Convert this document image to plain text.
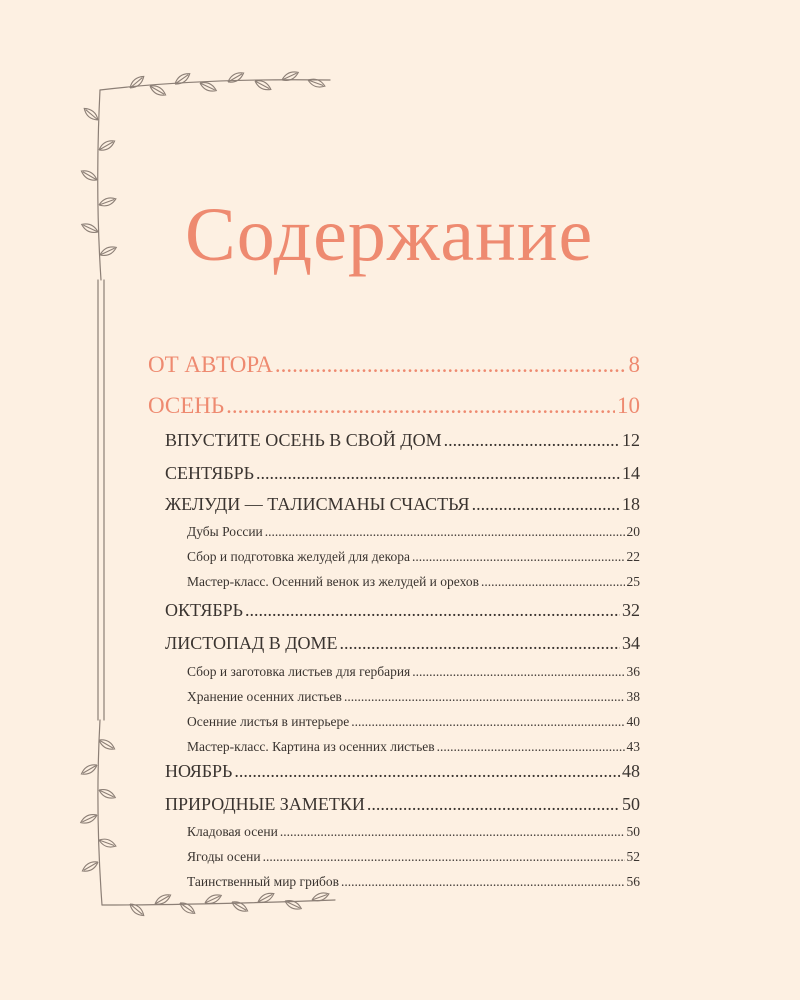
Содержание
ОТ АВТОРА .....	8
ОСЕНЬ .....	10
ВПУСТИТЕ ОСЕНЬ В СВОЙ ДОМ .....	12
СЕНТЯБРЬ .....	14
ЖЕЛУДИ — ТАЛИСМАНЫ СЧАСТЬЯ .....	18
Дубы России .....	20
Сбор и подготовка желудей для декора .....	22
Мастер-класс. Осенний венок из желудей и орехов .....	25
ОКТЯБРЬ .....	32
ЛИСТОПАД В ДОМЕ .....	34
Сбор и заготовка листьев для гербария .....	36
Хранение осенних листьев .....	38
Осенние листья в интерьере .....	40
Мастер-класс. Картина из осенних листьев .....	43
НОЯБРЬ .....	48
ПРИРОДНЫЕ ЗАМЕТКИ .....	50
Кладовая осени .....	50
Ягоды осени .....	52
Таинственный мир грибов .....	56
